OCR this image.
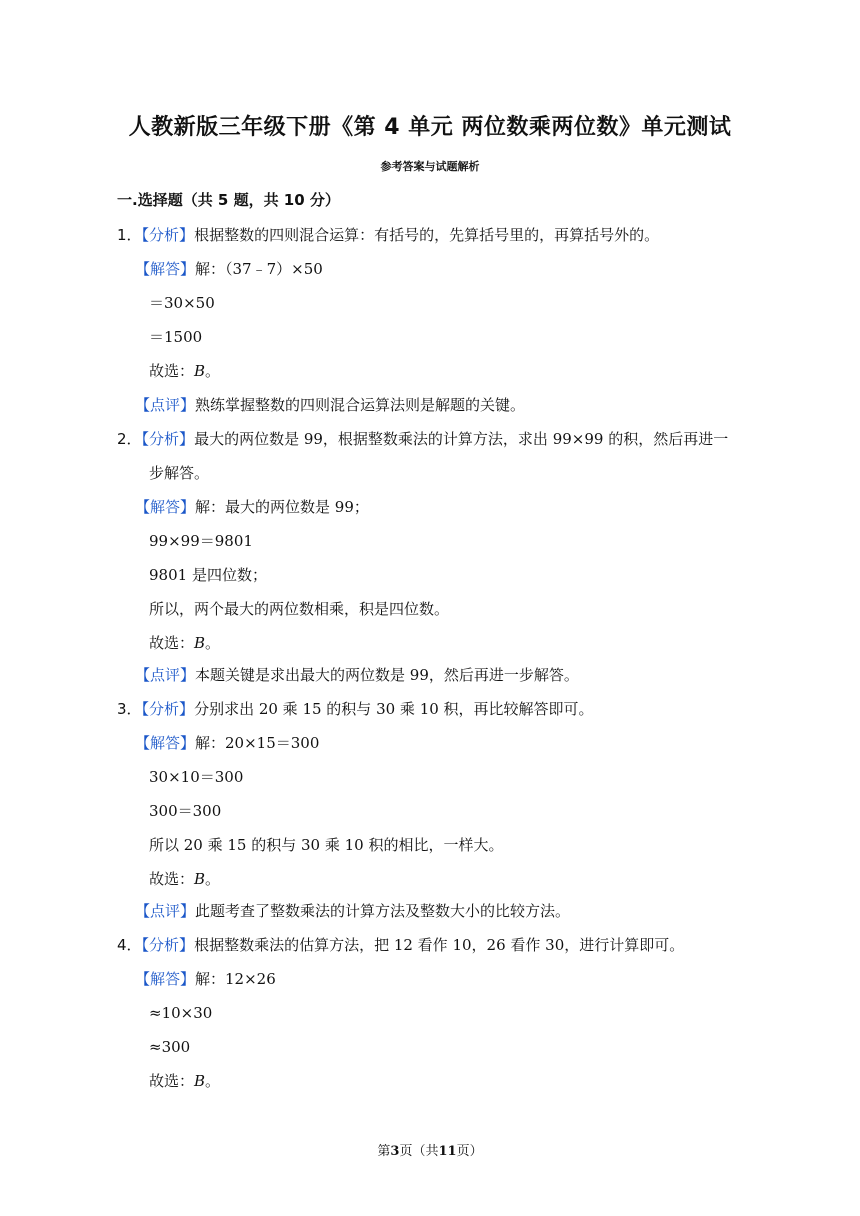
人教新版三年级下册《第 4 单元 两位数乘两位数》单元测试
参考答案与试题解析
一.选择题（共 5 题，共 10 分）
1．【分析】根据整数的四则混合运算：有括号的，先算括号里的，再算括号外的。
【解答】解：（37﹣7）×50
＝30×50
＝1500
故选：B。
【点评】熟练掌握整数的四则混合运算法则是解题的关键。
2．【分析】最大的两位数是 99，根据整数乘法的计算方法，求出 99×99 的积，然后再进一
步解答。
【解答】解：最大的两位数是 99；
99×99＝9801
9801 是四位数；
所以，两个最大的两位数相乘，积是四位数。
故选：B。
【点评】本题关键是求出最大的两位数是 99，然后再进一步解答。
3．【分析】分别求出 20 乘 15 的积与 30 乘 10 积，再比较解答即可。
【解答】解：20×15＝300
30×10＝300
300＝300
所以 20 乘 15 的积与 30 乘 10 积的相比，一样大。
故选：B。
【点评】此题考查了整数乘法的计算方法及整数大小的比较方法。
4．【分析】根据整数乘法的估算方法，把 12 看作 10，26 看作 30，进行计算即可。
【解答】解：12×26
≈10×30
≈300
故选：B。
第3页（共11页）
